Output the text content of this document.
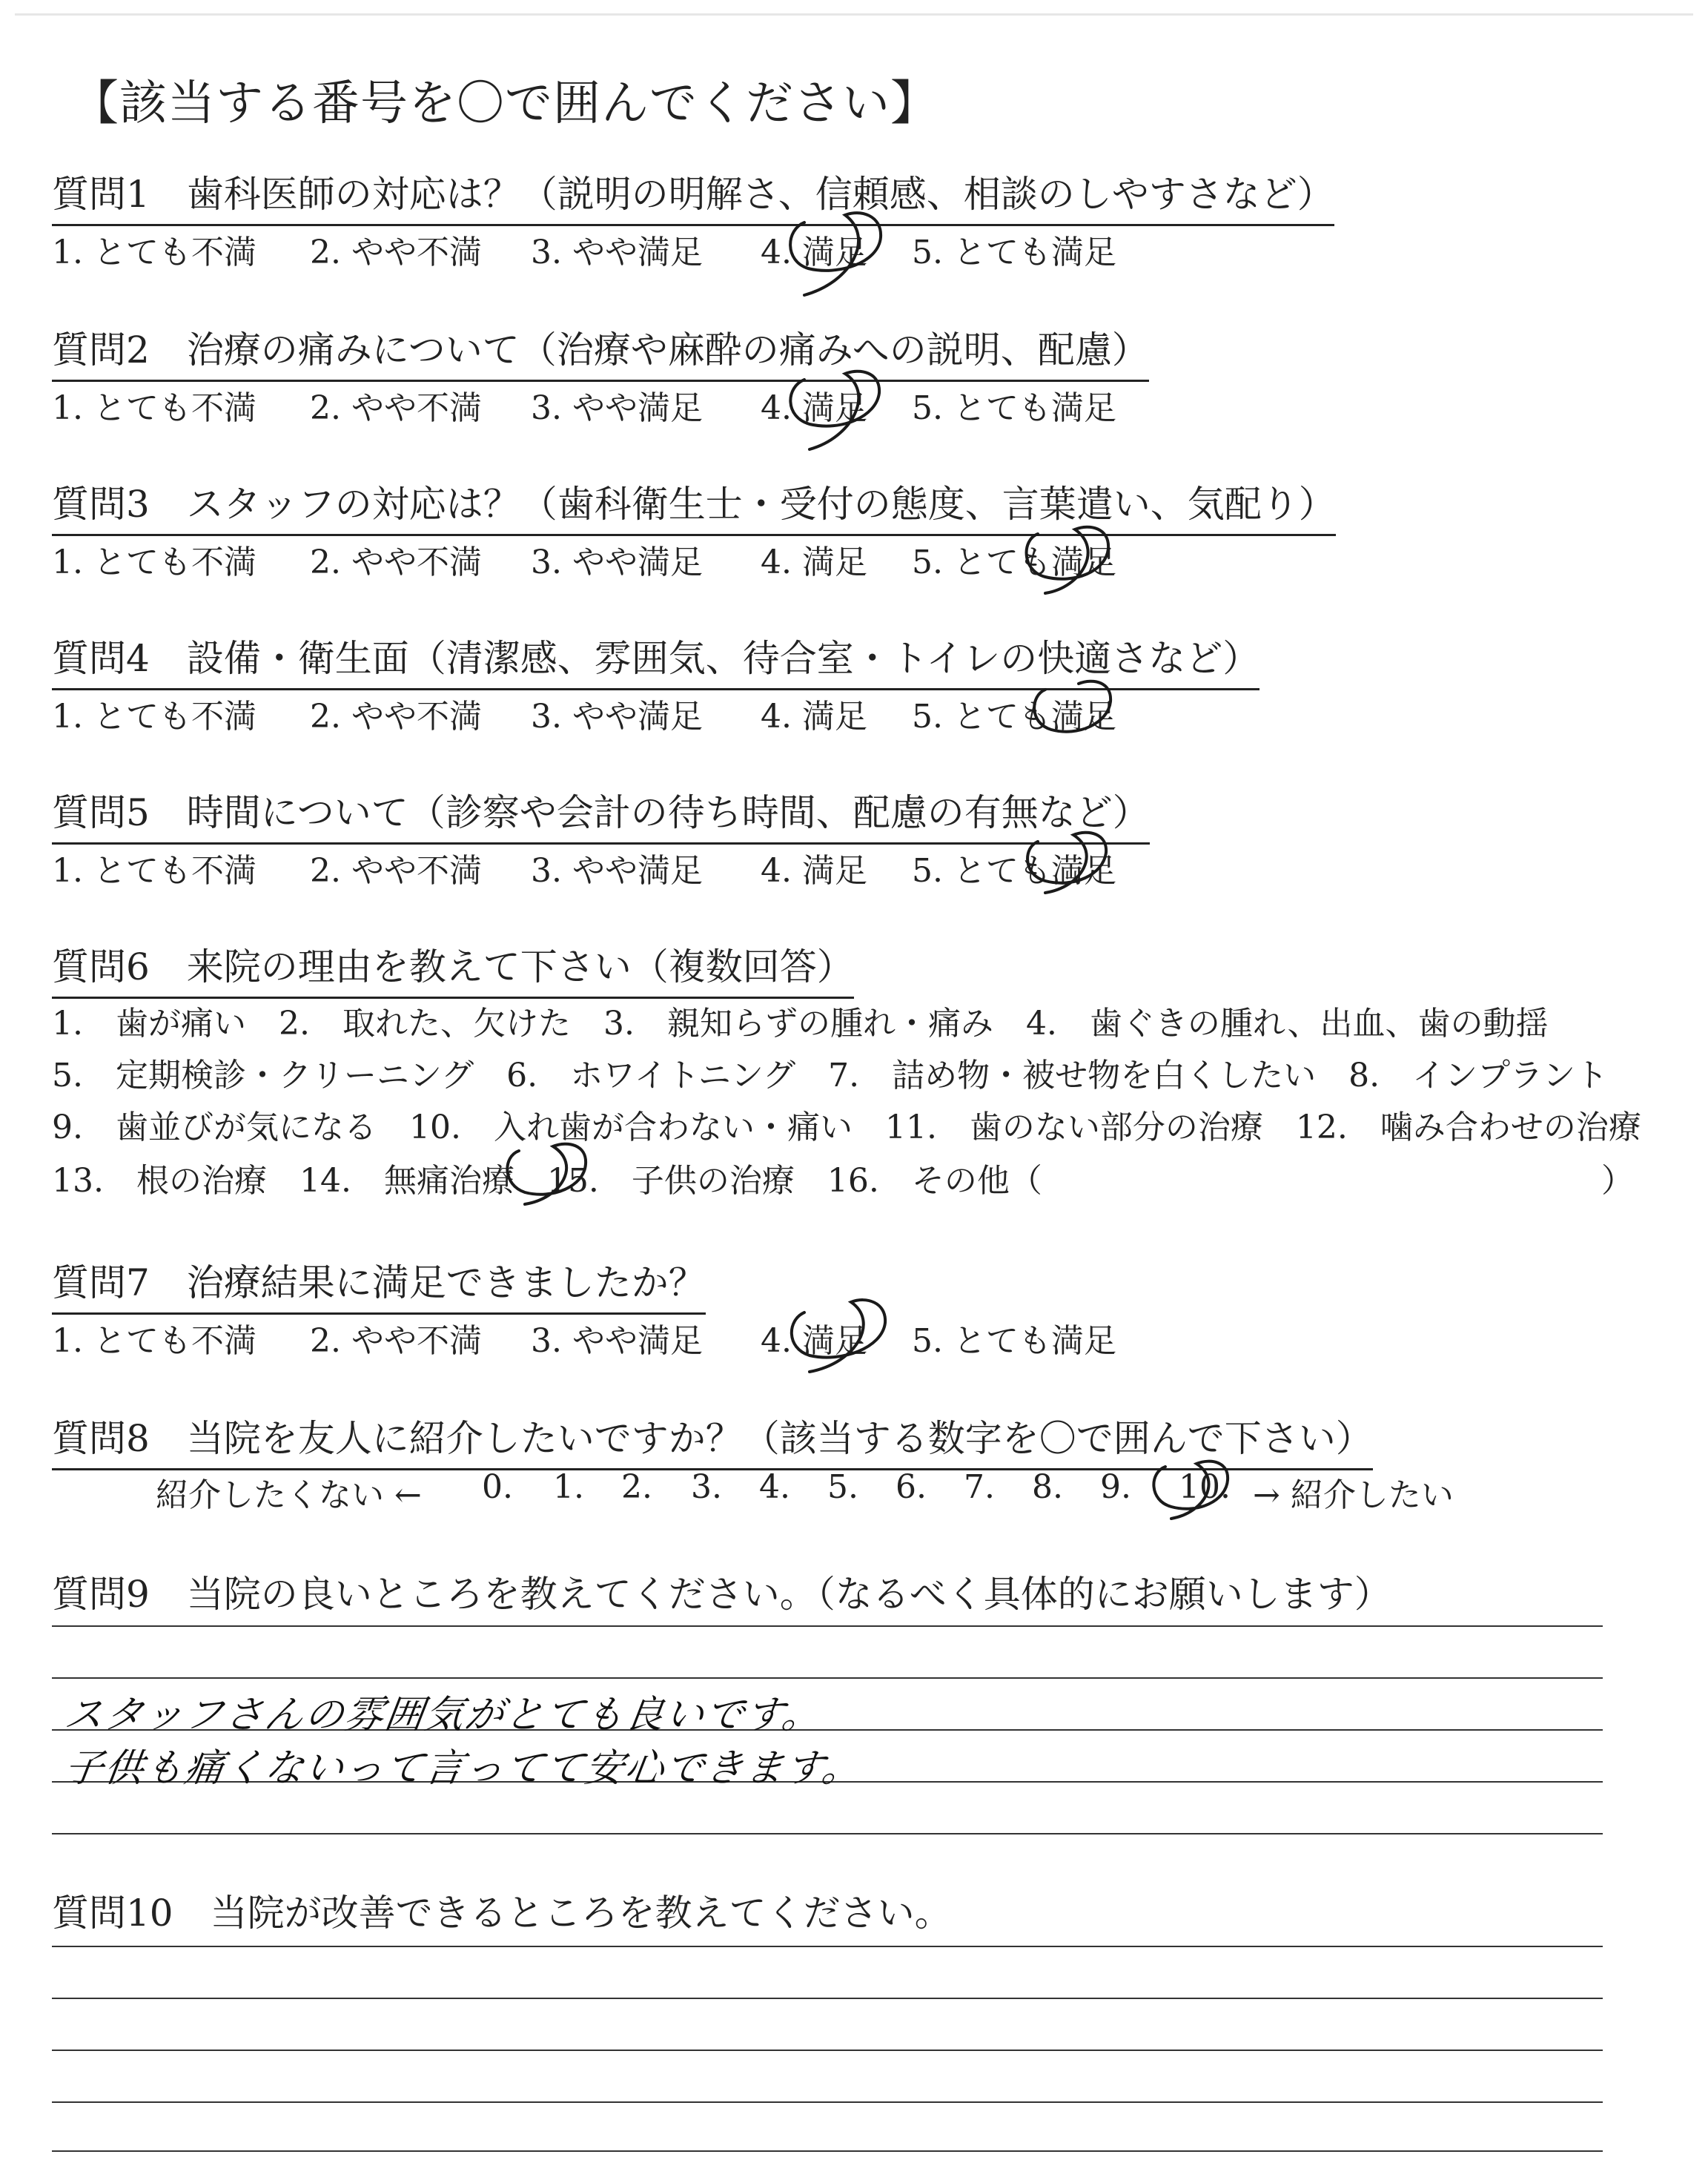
【該当する番号を〇で囲んでください】
質問1　歯科医師の対応は？（説明の明解さ、信頼感、相談のしやすさなど）
1. とても不満 2. やや不満 3. やや満足 4. 満足 5. とても満足
質問2　治療の痛みについて（治療や麻酔の痛みへの説明、配慮）
1. とても不満 2. やや不満 3. やや満足 4. 満足 5. とても満足
質問3　スタッフの対応は？（歯科衛生士・受付の態度、言葉遣い、気配り）
1. とても不満 2. やや不満 3. やや満足 4. 満足 5. とても満足
質問4　設備・衛生面（清潔感、雰囲気、待合室・トイレの快適さなど）
1. とても不満 2. やや不満 3. やや満足 4. 満足 5. とても満足
質問5　時間について（診察や会計の待ち時間、配慮の有無など）
1. とても不満 2. やや不満 3. やや満足 4. 満足 5. とても満足
質問6　来院の理由を教えて下さい（複数回答）
1.　歯が痛い　2.　取れた、欠けた　3.　親知らずの腫れ・痛み　4.　歯ぐきの腫れ、出血、歯の動揺
5.　定期検診・クリーニング　6.　ホワイトニング　7.　詰め物・被せ物を白くしたい　8.　インプラント
9.　歯並びが気になる　10.　入れ歯が合わない・痛い　11.　歯のない部分の治療　12.　噛み合わせの治療
13.　根の治療　14.　無痛治療　15.　子供の治療　16.　その他（	）
質問7　治療結果に満足できましたか？
1. とても不満 2. やや不満 3. やや満足 4. 満足 5. とても満足
質問8　当院を友人に紹介したいですか？（該当する数字を〇で囲んで下さい）
紹介したくない ← 0. 1. 2. 3. 4. 5. 6. 7. 8. 9. 10. → 紹介したい
質問9　当院の良いところを教えてください。（なるべく具体的にお願いします）
スタッフさんの雰囲気がとても良いです。
子供も痛くないって言ってて安心できます。
質問10　当院が改善できるところを教えてください。
